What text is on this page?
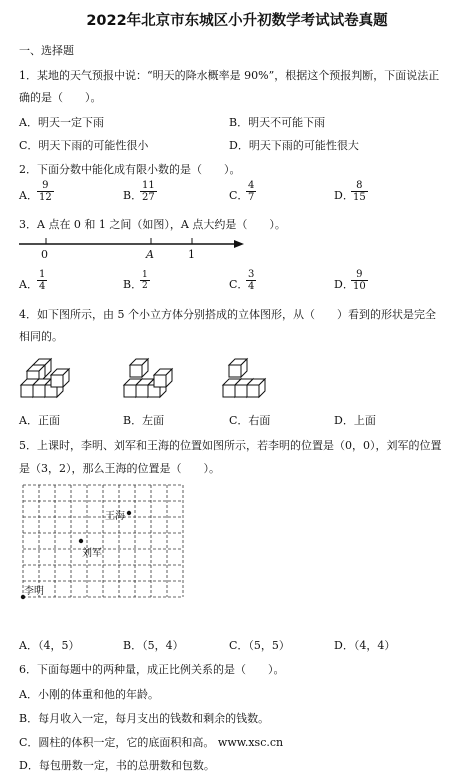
2022年北京市东城区小升初数学考试试卷真题
一、选择题
1．某地的天气预报中说：“明天的降水概率是 90%”，根据这个预报判断，下面说法正
确的是（　　）。
A．明天一定下雨	B．明天不可能下雨
C．明天下雨的可能性很小	D．明天下雨的可能性很大
2．下面分数中能化成有限小数的是（　　）。
A． $\frac{9}{12}$	B．
$\frac{11}{27}$	C．
$\frac{4}{7}$	D．
$\frac{8}{15}$
3．A 点在 0 和 1 之间（如图），A 点大约是（　　）。
0	A	1
A． $\frac{1}{4}$	B．
$\frac{1}{2}$	C．
$\frac{3}{4}$	D．
$\frac{9}{10}$
4．如下图所示，由 5 个小立方体分别搭成的立体图形，从（　　）看到的形状是完全
相同的。
A．正面	B．左面	C．右面	D．上面
5．上课时，李明、刘军和王海的位置如图所示，若李明的位置是（0，0），刘军的位置
是（3，2），那么王海的位置是（　　）。
王海
刘军
李明
A．（4，5）	B．（5，4）	C．（5，5）	D．（4，4）
6．下面每题中的两种量，成正比例关系的是（　　）。
A．小刚的体重和他的年龄。
B．每月收入一定，每月支出的钱数和剩余的钱数。
C．圆柱的体积一定，它的底面积和高。 www.xsc.cn
D．每包册数一定，书的总册数和包数。
